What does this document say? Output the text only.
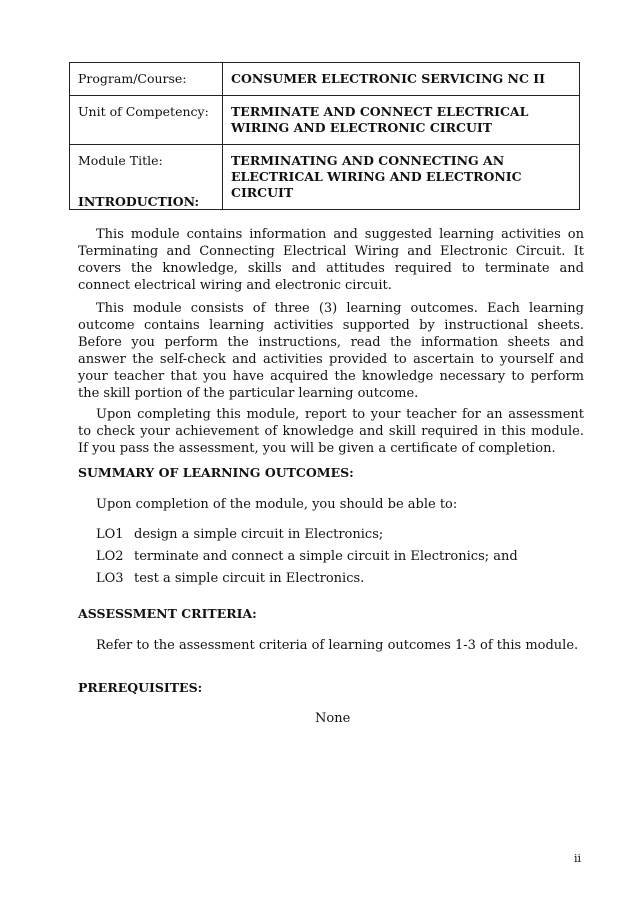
Program/Course:	CONSUMER ELECTRONIC SERVICING NC II
Unit of Competency:	TERMINATE AND CONNECT ELECTRICAL WIRING AND ELECTRONIC CIRCUIT
Module Title:	TERMINATING AND CONNECTING AN ELECTRICAL WIRING AND ELECTRONIC CIRCUIT
INTRODUCTION:

This module contains information and suggested learning activities on Terminating and Connecting Electrical Wiring and Electronic Circuit. It covers the knowledge, skills and attitudes required to terminate and connect electrical wiring and electronic circuit.

This module consists of three (3) learning outcomes. Each learning outcome contains learning activities supported by instructional sheets. Before you perform the instructions, read the information sheets and answer the self-check and activities provided to ascertain to yourself and your teacher that you have acquired the knowledge necessary to perform the skill portion of the particular learning outcome.

Upon completing this module, report to your teacher for an assessment to check your achievement of knowledge and skill required in this module. If you pass the assessment, you will be given a certificate of completion.

SUMMARY OF LEARNING OUTCOMES:

Upon completion of the module, you should be able to:

LO1 design a simple circuit in Electronics;
LO2 terminate and connect a simple circuit in Electronics; and
LO3 test a simple circuit in Electronics.
ASSESSMENT CRITERIA:

Refer to the assessment criteria of learning outcomes 1-3 of this module.

PREREQUISITES:

None

ii
